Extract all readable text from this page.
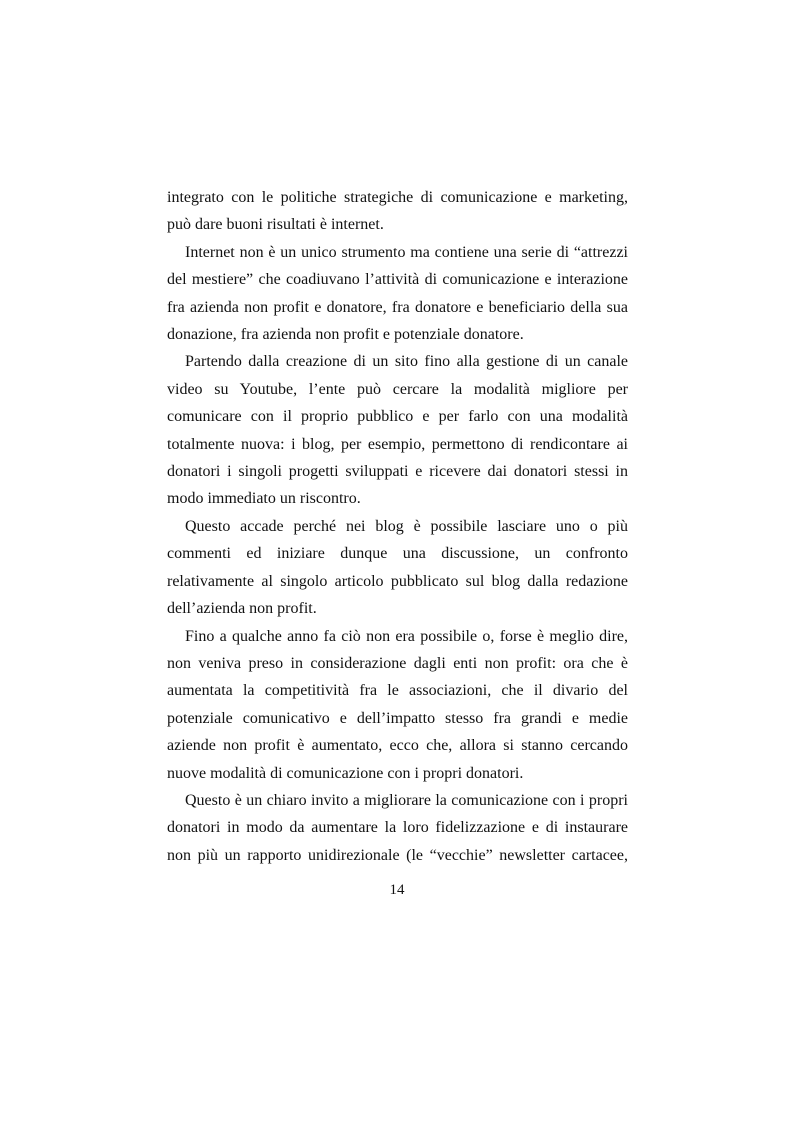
integrato con le politiche strategiche di comunicazione e marketing,
può dare buoni risultati è internet.

Internet non è un unico strumento ma contiene una serie di “attrezzi
del mestiere” che coadiuvano l’attività di comunicazione e interazione
fra azienda non profit e donatore, fra donatore e beneficiario della sua
donazione, fra azienda non profit e potenziale donatore.

Partendo dalla creazione di un sito fino alla gestione di un canale
video su Youtube, l’ente può cercare la modalità migliore per
comunicare con il proprio pubblico e per farlo con una modalità
totalmente nuova: i blog, per esempio, permettono di rendicontare ai
donatori i singoli progetti sviluppati e ricevere dai donatori stessi in
modo immediato un riscontro.

Questo accade perché nei blog è possibile lasciare uno o più
commenti ed iniziare dunque una discussione, un confronto
relativamente al singolo articolo pubblicato sul blog dalla redazione
dell’azienda non profit.

Fino a qualche anno fa ciò non era possibile o, forse è meglio dire,
non veniva preso in considerazione dagli enti non profit: ora che è
aumentata la competitività fra le associazioni, che il divario del
potenziale comunicativo e dell’impatto stesso fra grandi e medie
aziende non profit è aumentato, ecco che, allora si stanno cercando
nuove modalità di comunicazione con i propri donatori.

Questo è un chiaro invito a migliorare la comunicazione con i propri
donatori in modo da aumentare la loro fidelizzazione e di instaurare
non più un rapporto unidirezionale (le “vecchie” newsletter cartacee,

14
